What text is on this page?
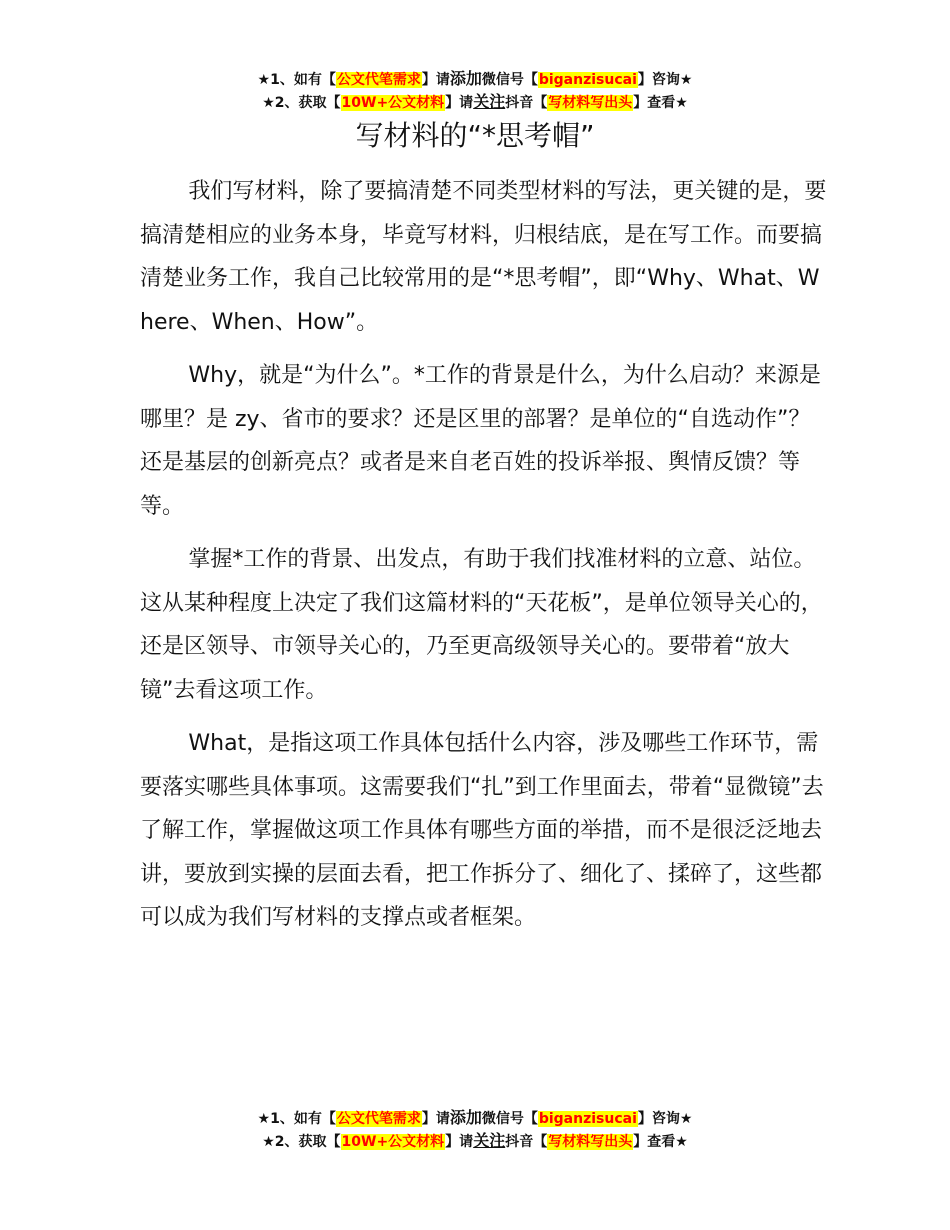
★1、如有【公文代笔需求】请添加微信号【biganzisucai】咨询★
★2、获取【10W+公文材料】请关注抖音【写材料写出头】查看★
写材料的“*思考帽”

我们写材料，除了要搞清楚不同类型材料的写法，更关键的是，要搞清楚相应的业务本身，毕竟写材料，归根结底，是在写工作。而要搞清楚业务工作，我自己比较常用的是“*思考帽”，即“Why、What、Where、When、How”。

Why，就是“为什么”。*工作的背景是什么，为什么启动？来源是哪里？是 zy、省市的要求？还是区里的部署？是单位的“自选动作”？还是基层的创新亮点？或者是来自老百姓的投诉举报、舆情反馈？等等。

掌握*工作的背景、出发点，有助于我们找准材料的立意、站位。这从某种程度上决定了我们这篇材料的“天花板”，是单位领导关心的，还是区领导、市领导关心的，乃至更高级领导关心的。要带着“放大镜”去看这项工作。

What，是指这项工作具体包括什么内容，涉及哪些工作环节，需要落实哪些具体事项。这需要我们“扎”到工作里面去，带着“显微镜”去了解工作，掌握做这项工作具体有哪些方面的举措，而不是很泛泛地去讲，要放到实操的层面去看，把工作拆分了、细化了、揉碎了，这些都可以成为我们写材料的支撑点或者框架。

★1、如有【公文代笔需求】请添加微信号【biganzisucai】咨询★
★2、获取【10W+公文材料】请关注抖音【写材料写出头】查看★
